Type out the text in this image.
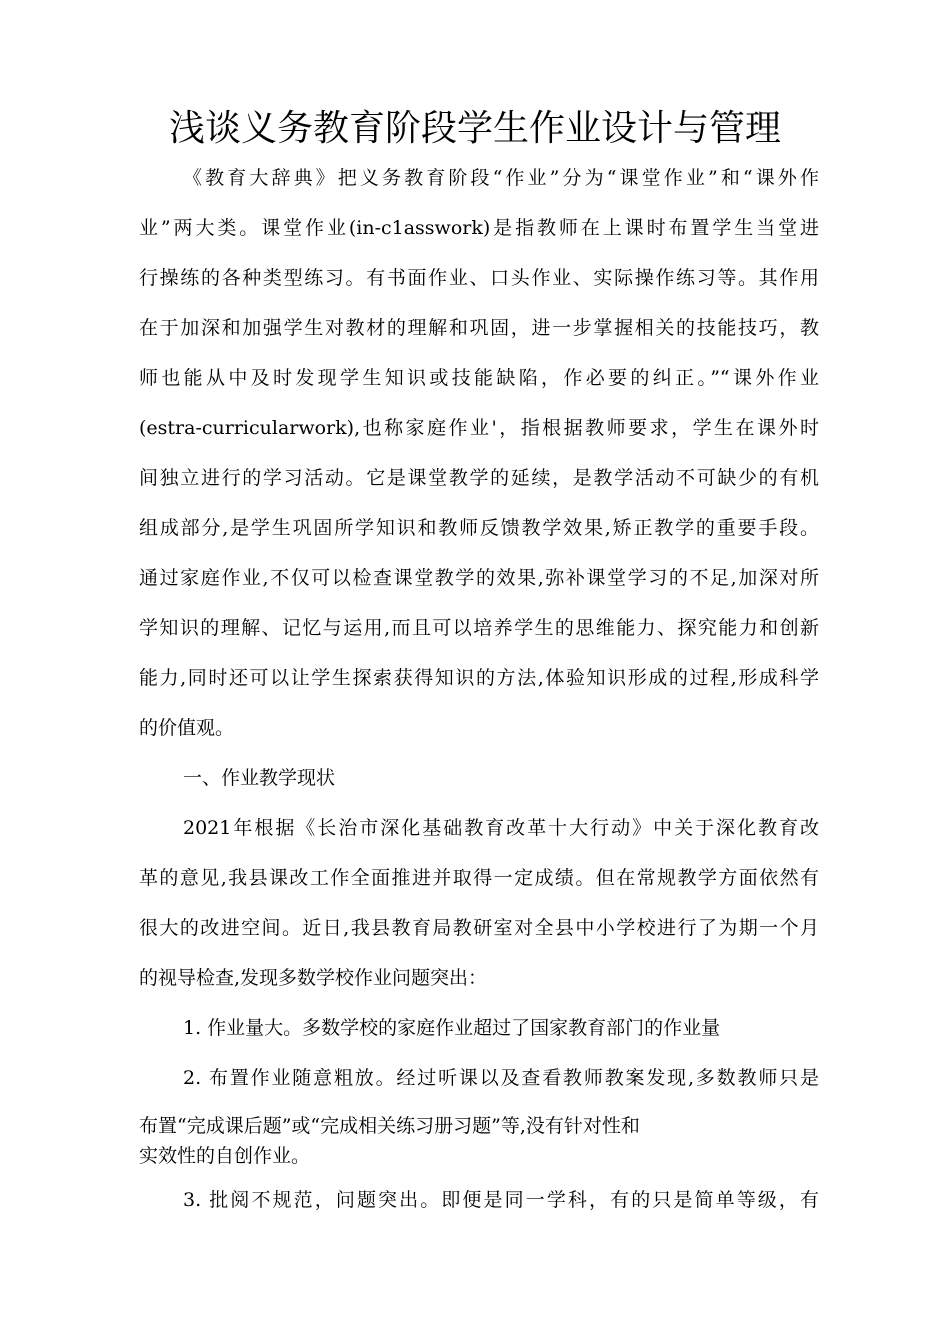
浅谈义务教育阶段学生作业设计与管理
《教育大辞典》把义务教育阶段“作业”分为“课堂作业”和“课外作
业”两大类。课堂作业(in-c1asswork)是指教师在上课时布置学生当堂进
行操练的各种类型练习。有书面作业、口头作业、实际操作练习等。其作用
在于加深和加强学生对教材的理解和巩固，进一步掌握相关的技能技巧，教
师也能从中及时发现学生知识或技能缺陷，作必要的纠正。”“课外作业
(estra-curricularwork),也称家庭作业'，指根据教师要求，学生在课外时
间独立进行的学习活动。它是课堂教学的延续，是教学活动不可缺少的有机
组成部分,是学生巩固所学知识和教师反馈教学效果,矫正教学的重要手段。
通过家庭作业,不仅可以检查课堂教学的效果,弥补课堂学习的不足,加深对所
学知识的理解、记忆与运用,而且可以培养学生的思维能力、探究能力和创新
能力,同时还可以让学生探索获得知识的方法,体验知识形成的过程,形成科学
的价值观。
一、作业教学现状
2021年根据《长治市深化基础教育改革十大行动》中关于深化教育改
革的意见,我县课改工作全面推进并取得一定成绩。但在常规教学方面依然有
很大的改进空间。近日,我县教育局教研室对全县中小学校进行了为期一个月
的视导检查,发现多数学校作业问题突出：
1. 作业量大。多数学校的家庭作业超过了国家教育部门的作业量
2. 布置作业随意粗放。经过听课以及查看教师教案发现,多数教师只是
布置“完成课后题”或“完成相关练习册习题”等,没有针对性和
实效性的自创作业。
3. 批阅不规范，问题突出。即便是同一学科，有的只是简单等级，有
